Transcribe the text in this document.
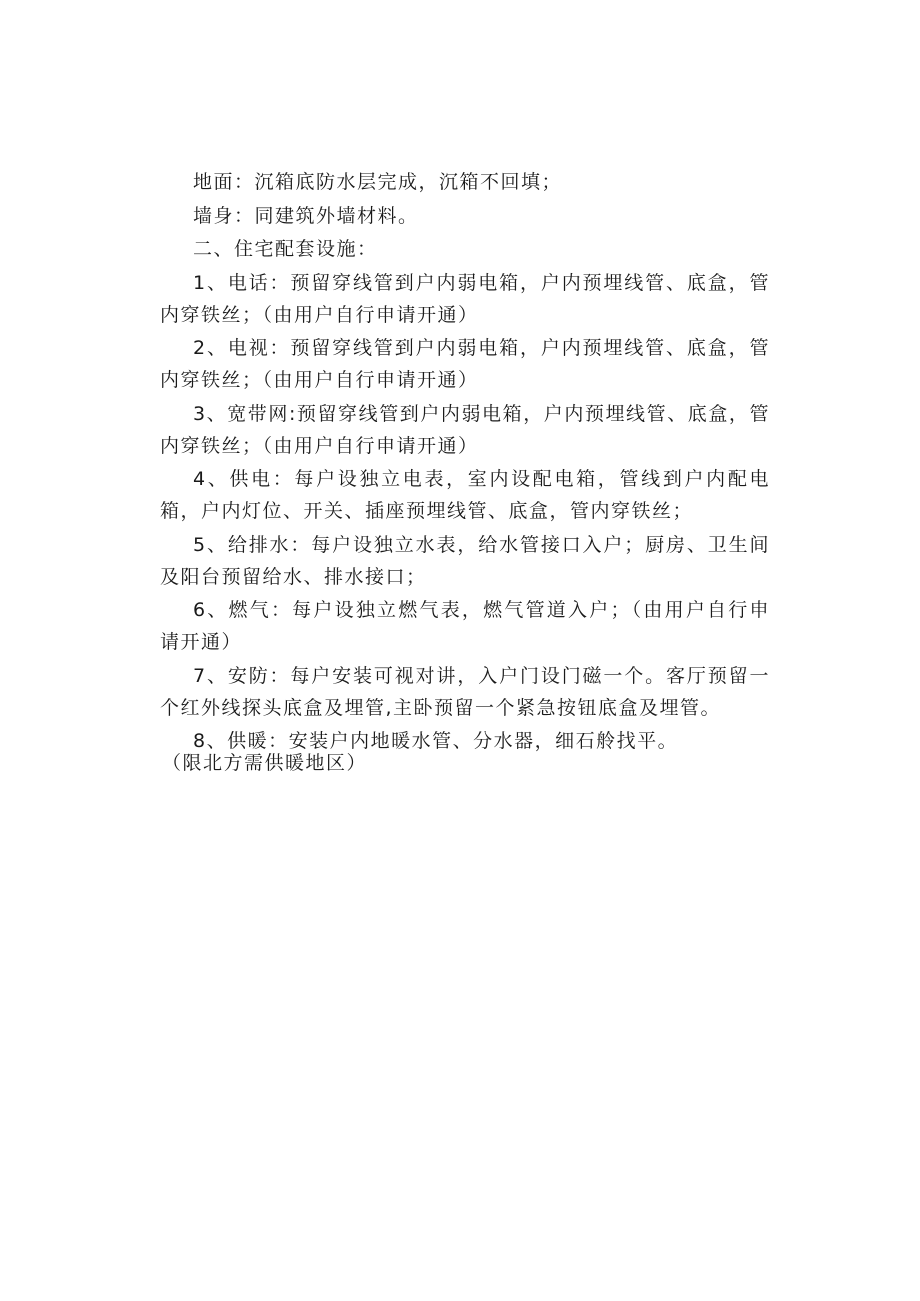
地面：沉箱底防水层完成，沉箱不回填；

墙身：同建筑外墙材料。

二、住宅配套设施：

1、电话：预留穿线管到户内弱电箱，户内预埋线管、底盒，管内穿铁丝；（由用户自行申请开通）

2、电视：预留穿线管到户内弱电箱，户内预埋线管、底盒，管内穿铁丝；（由用户自行申请开通）

3、宽带网:预留穿线管到户内弱电箱，户内预埋线管、底盒，管内穿铁丝；（由用户自行申请开通）

4、供电：每户设独立电表，室内设配电箱，管线到户内配电箱，户内灯位、开关、插座预埋线管、底盒，管内穿铁丝；

5、给排水：每户设独立水表，给水管接口入户；厨房、卫生间及阳台预留给水、排水接口；

6、燃气：每户设独立燃气表，燃气管道入户；（由用户自行申请开通）

7、安防：每户安装可视对讲，入户门设门磁一个。客厅预留一个红外线探头底盒及埋管,主卧预留一个紧急按钮底盒及埋管。

8、供暖：安装户内地暖水管、分水器，细石舲找平。

（限北方需供暖地区）
